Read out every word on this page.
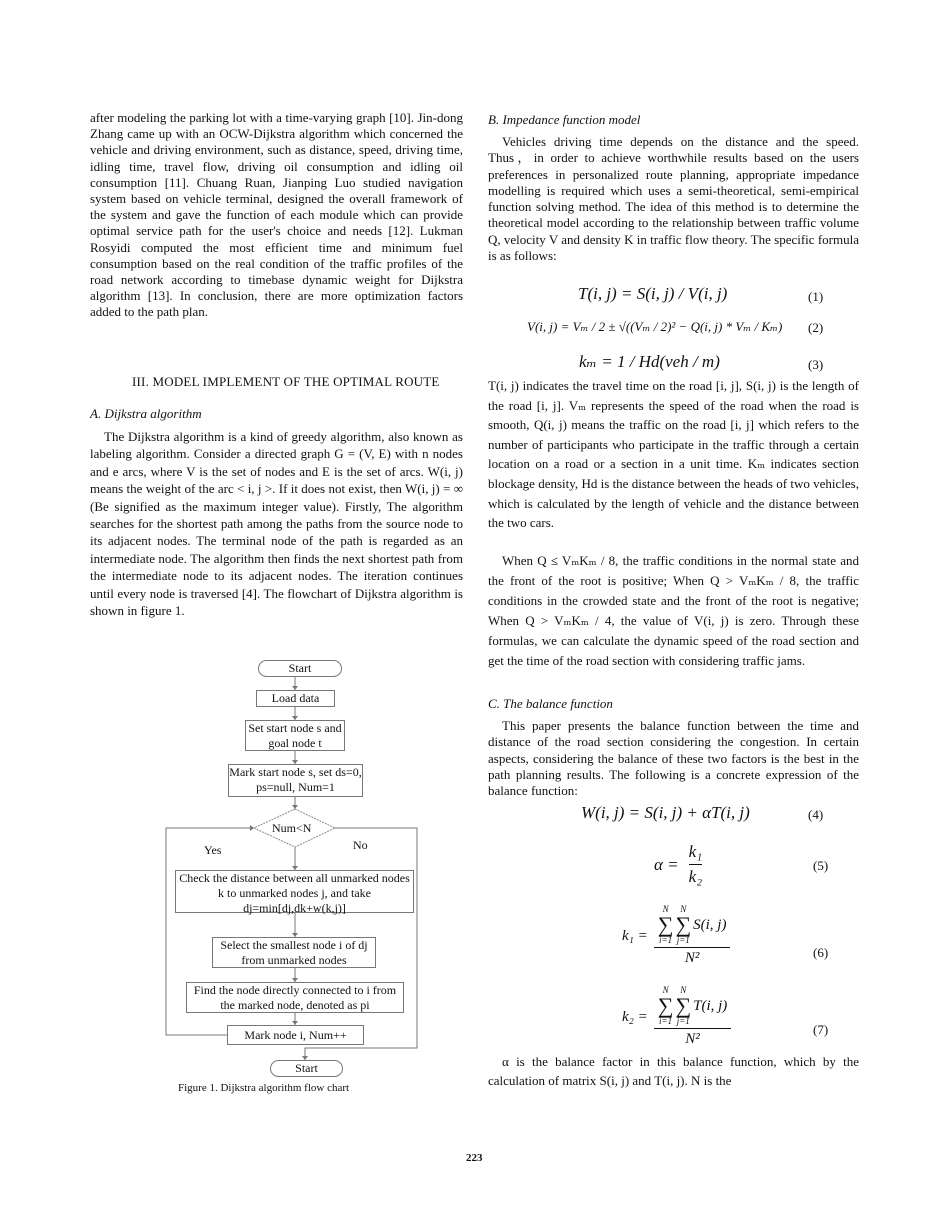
after modeling the parking lot with a time-varying graph [10]. Jin-dong Zhang came up with an OCW-Dijkstra algorithm which concerned the vehicle and driving environment, such as distance, speed, driving time, idling time, travel flow, driving oil consumption and idling oil consumption [11]. Chuang Ruan, Jianping Luo studied navigation system based on vehicle terminal, designed the overall framework of the system and gave the function of each module which can provide optimal service path for the user's choice and needs [12]. Lukman Rosyidi computed the most efficient time and minimum fuel consumption based on the real condition of the traffic profiles of the road network according to timebase dynamic weight for Dijkstra algorithm [13]. In conclusion, there are more optimization factors added to the path plan.
III. MODEL IMPLEMENT OF THE OPTIMAL ROUTE
A. Dijkstra algorithm
The Dijkstra algorithm is a kind of greedy algorithm, also known as labeling algorithm. Consider a directed graph G = (V, E) with n nodes and e arcs, where V is the set of nodes and E is the set of arcs. W(i, j) means the weight of the arc < i, j >. If it does not exist, then W(i, j) = ∞ (Be signified as the maximum integer value). Firstly, The algorithm searches for the shortest path among the paths from the source node to its adjacent nodes. The terminal node of the path is regarded as an intermediate node. The algorithm then finds the next shortest path from the intermediate node to its adjacent nodes. The iteration continues until every node is traversed [4]. The flowchart of Dijkstra algorithm is shown in figure 1.
Start
Load data
Set start node s and goal node t
Mark start node s, set ds=0, ps=null, Num=1
Num<N
Yes	No
Check the distance between all unmarked nodes k to unmarked nodes j, and take dj=min[dj,dk+w(k,j)]
Select the smallest node i of dj from unmarked nodes
Find the node directly connected to i from the marked node, denoted as pi
Mark node i, Num++
Start
Figure 1. Dijkstra algorithm flow chart
B. Impedance function model
Vehicles driving time depends on the distance and the speed. Thus，in order to achieve worthwhile results based on the users preferences in personalized route planning, appropriate impedance modelling is required which uses a semi-theoretical, semi-empirical function solving method. The idea of this method is to determine the theoretical model according to the relationship between traffic volume Q, velocity V and density K in traffic flow theory. The specific formula is as follows:
T(i, j) = S(i, j) / V(i, j)	(1)
V(i, j) = Vₘ / 2 ± √((Vₘ / 2)² − Q(i, j) * Vₘ / Kₘ) (2)
kₘ = 1 / Hd(veh / m)	(3)
T(i, j) indicates the travel time on the road [i, j], S(i, j) is the length of the road [i, j]. Vₘ represents the speed of the road when the road is smooth, Q(i, j) means the traffic on the road [i, j] which refers to the number of participants who participate in the traffic through a certain location on a road or a section in a unit time. Kₘ indicates section blockage density, Hd is the distance between the heads of two vehicles, which is calculated by the length of vehicle and the distance between the two cars.
When Q ≤ VₘKₘ / 8, the traffic conditions in the normal state and the front of the root is positive; When Q > VₘKₘ / 8, the traffic conditions in the crowded state and the front of the root is negative; When Q > VₘKₘ / 4, the value of V(i, j) is zero. Through these formulas, we can calculate the dynamic speed of the road section and get the time of the road section with considering traffic jams.
C. The balance function
This paper presents the balance function between the time and distance of the road section considering the congestion. In certain aspects, considering the balance of these two factors is the best in the path planning results. The following is a concrete expression of the balance function:
W(i, j) = S(i, j) + αT(i, j)	(4)
$\alpha = \frac{\text{k₁}}{\text{k₂}}$	(5)
k₁ = N
∑
i=1
N
∑
j=1
S(i, j)
N²	(6)
k₂ = N
∑
i=1
N
∑
j=1
T(i, j)
N²	(7)
α is the balance factor in this balance function, which by the calculation of matrix S(i, j) and T(i, j). N is the
223
